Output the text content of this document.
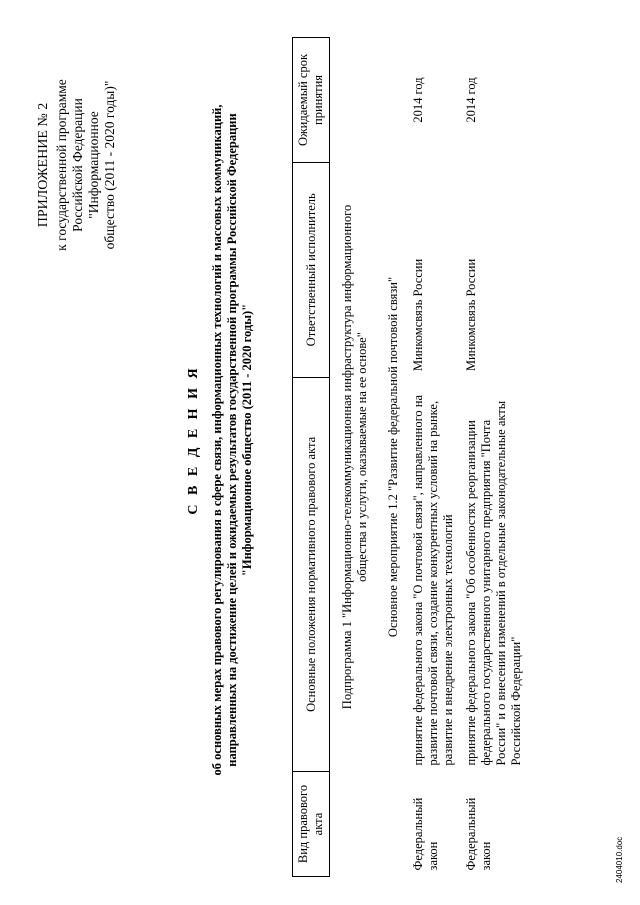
ПРИЛОЖЕНИЕ № 2 к государственной программе Российской Федерации "Информационное общество (2011 - 2020 годы)"
С В Е Д Е Н И Я об основных мерах правового регулирования в сфере связи, информационных технологий и массовых коммуникаций, направленных на достижение целей и ожидаемых результатов государственной программы Российской Федерации "Информационное общество (2011 - 2020 годы)"
Вид правового акта	Основные положения нормативного правового акта	Ответственный исполнитель	Ожидаемый срок принятия
Подпрограмма 1 "Информационно-телекоммуникационная инфраструктура информационного
общества и услуги, оказываемые на ее основе"			
Основное мероприятие 1.2 "Развитие федеральной почтовой связи"			
Федеральный закон	принятие федерального закона "О почтовой связи", направленного на развитие почтовой связи, создание конкурентных условий на рынке, развитие и внедрение электронных технологий	Минкомсвязь России	2014 год
Федеральный закон	принятие федерального закона "Об особенностях реорганизации федерального государственного унитарного предприятия "Почта России" и о внесении изменений в отдельные законодательные акты Российской Федерации"	Минкомсвязь России	2014 год
2404010.doc
